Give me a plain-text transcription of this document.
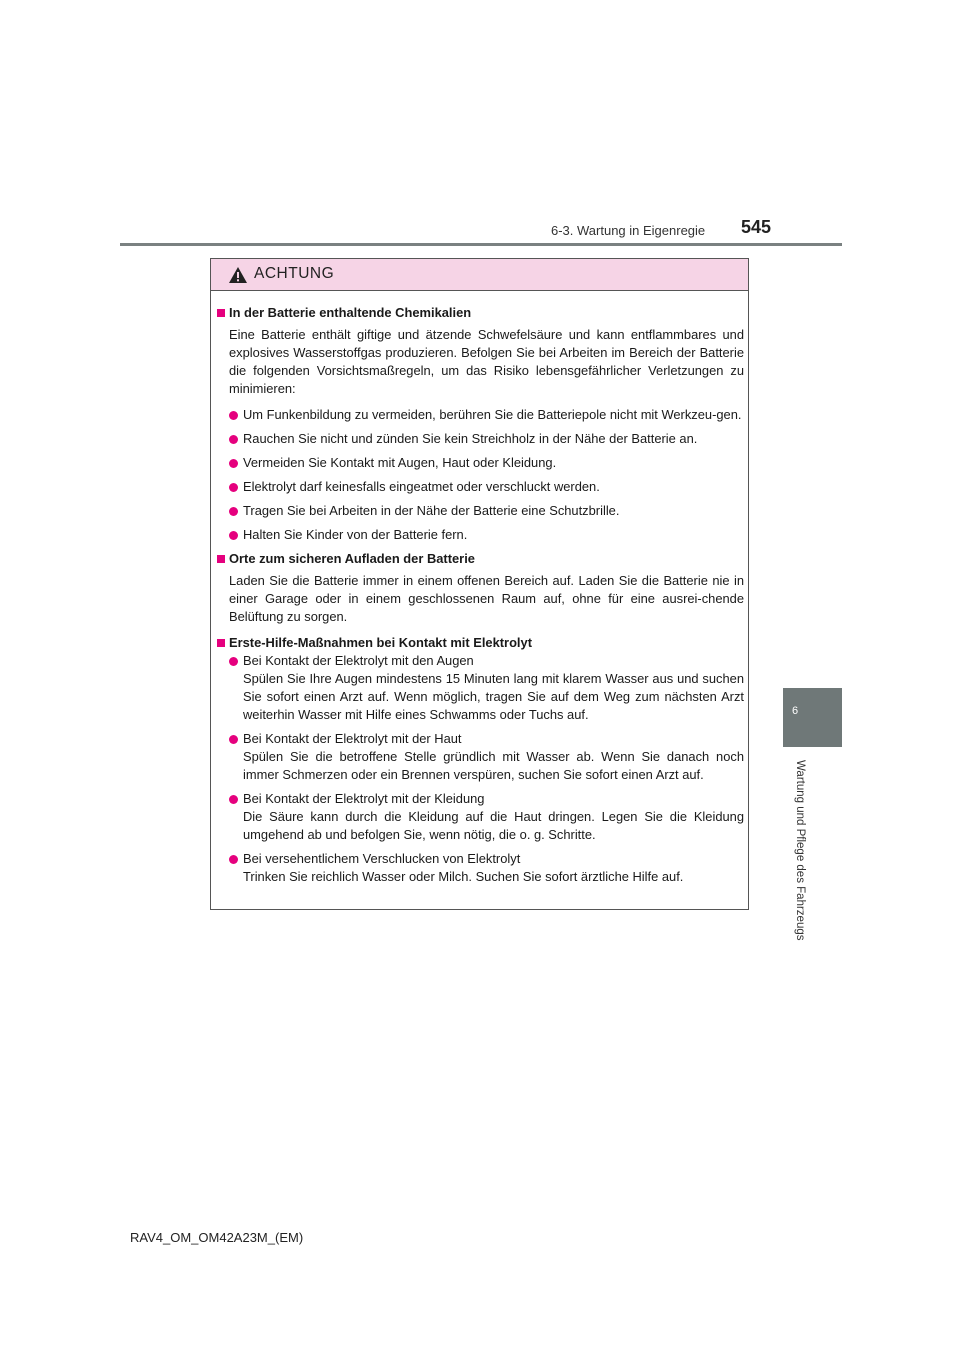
6-3. Wartung in Eigenregie 545
6
Wartung und Pflege des Fahrzeugs
ACHTUNG
In der Batterie enthaltende Chemikalien
Eine Batterie enthält giftige und ätzende Schwefelsäure und kann entflammbares und explosives Wasserstoffgas produzieren. Befolgen Sie bei Arbeiten im Bereich der Batterie die folgenden Vorsichtsmaßregeln, um das Risiko lebensgefährlicher Verletzungen zu minimieren:
Um Funkenbildung zu vermeiden, berühren Sie die Batteriepole nicht mit Werkzeu-gen.
Rauchen Sie nicht und zünden Sie kein Streichholz in der Nähe der Batterie an.
Vermeiden Sie Kontakt mit Augen, Haut oder Kleidung.
Elektrolyt darf keinesfalls eingeatmet oder verschluckt werden.
Tragen Sie bei Arbeiten in der Nähe der Batterie eine Schutzbrille.
Halten Sie Kinder von der Batterie fern.
Orte zum sicheren Aufladen der Batterie
Laden Sie die Batterie immer in einem offenen Bereich auf. Laden Sie die Batterie nie in einer Garage oder in einem geschlossenen Raum auf, ohne für eine ausrei-chende Belüftung zu sorgen.
Erste-Hilfe-Maßnahmen bei Kontakt mit Elektrolyt
Bei Kontakt der Elektrolyt mit den Augen
Spülen Sie Ihre Augen mindestens 15 Minuten lang mit klarem Wasser aus und suchen Sie sofort einen Arzt auf. Wenn möglich, tragen Sie auf dem Weg zum nächsten Arzt weiterhin Wasser mit Hilfe eines Schwamms oder Tuchs auf.
Bei Kontakt der Elektrolyt mit der Haut
Spülen Sie die betroffene Stelle gründlich mit Wasser ab. Wenn Sie danach noch immer Schmerzen oder ein Brennen verspüren, suchen Sie sofort einen Arzt auf.
Bei Kontakt der Elektrolyt mit der Kleidung
Die Säure kann durch die Kleidung auf die Haut dringen. Legen Sie die Kleidung umgehend ab und befolgen Sie, wenn nötig, die o. g. Schritte.
Bei versehentlichem Verschlucken von Elektrolyt
Trinken Sie reichlich Wasser oder Milch. Suchen Sie sofort ärztliche Hilfe auf.
RAV4_OM_OM42A23M_(EM)
